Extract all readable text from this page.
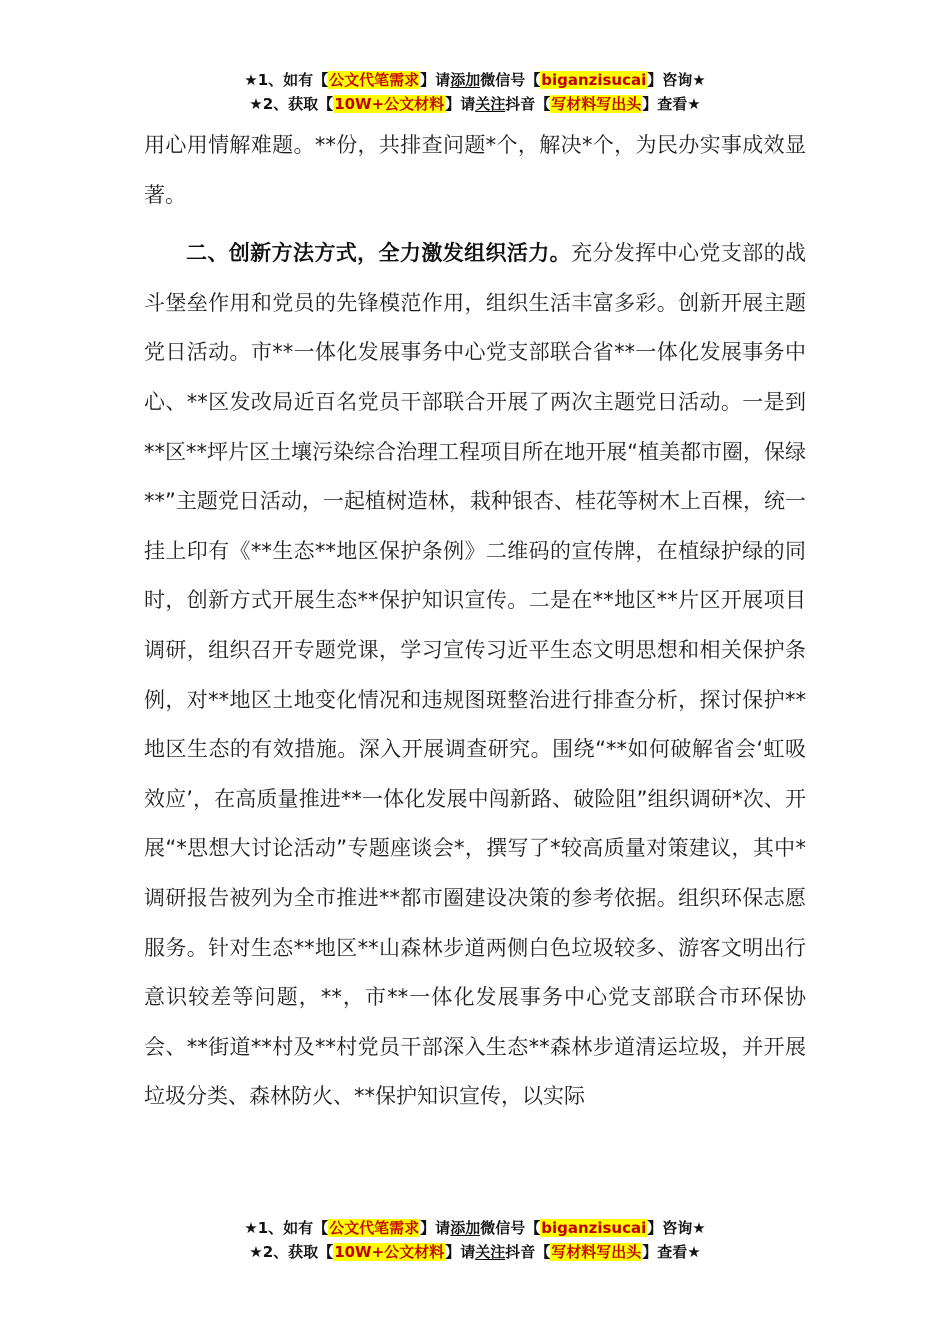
★1、如有【公文代笔需求】请添加微信号【biganzisucai】咨询★
★2、获取【10W+公文材料】请关注抖音【写材料写出头】查看★

用心用情解难题。**份，共排查问题*个，解决*个，为民办实事成效显著。

二、创新方法方式，全力激发组织活力。充分发挥中心党支部的战斗堡垒作用和党员的先锋模范作用，组织生活丰富多彩。创新开展主题党日活动。市**一体化发展事务中心党支部联合省**一体化发展事务中心、**区发改局近百名党员干部联合开展了两次主题党日活动。一是到**区**坪片区土壤污染综合治理工程项目所在地开展“植美都市圈，保绿**”主题党日活动，一起植树造林，栽种银杏、桂花等树木上百棵，统一挂上印有《**生态**地区保护条例》二维码的宣传牌，在植绿护绿的同时，创新方式开展生态**保护知识宣传。二是在**地区**片区开展项目调研，组织召开专题党课，学习宣传习近平生态文明思想和相关保护条例，对**地区土地变化情况和违规图斑整治进行排查分析，探讨保护**地区生态的有效措施。深入开展调查研究。围绕“**如何破解省会‘虹吸效应’，在高质量推进**一体化发展中闯新路、破险阻”组织调研*次、开展“*思想大讨论活动”专题座谈会*，撰写了*较高质量对策建议，其中*调研报告被列为全市推进**都市圈建设决策的参考依据。组织环保志愿服务。针对生态**地区**山森林步道两侧白色垃圾较多、游客文明出行意识较差等问题，**，市**一体化发展事务中心党支部联合市环保协会、**街道**村及**村党员干部深入生态**森林步道清运垃圾，并开展垃圾分类、森林防火、**保护知识宣传，以实际

★1、如有【公文代笔需求】请添加微信号【biganzisucai】咨询★
★2、获取【10W+公文材料】请关注抖音【写材料写出头】查看★
